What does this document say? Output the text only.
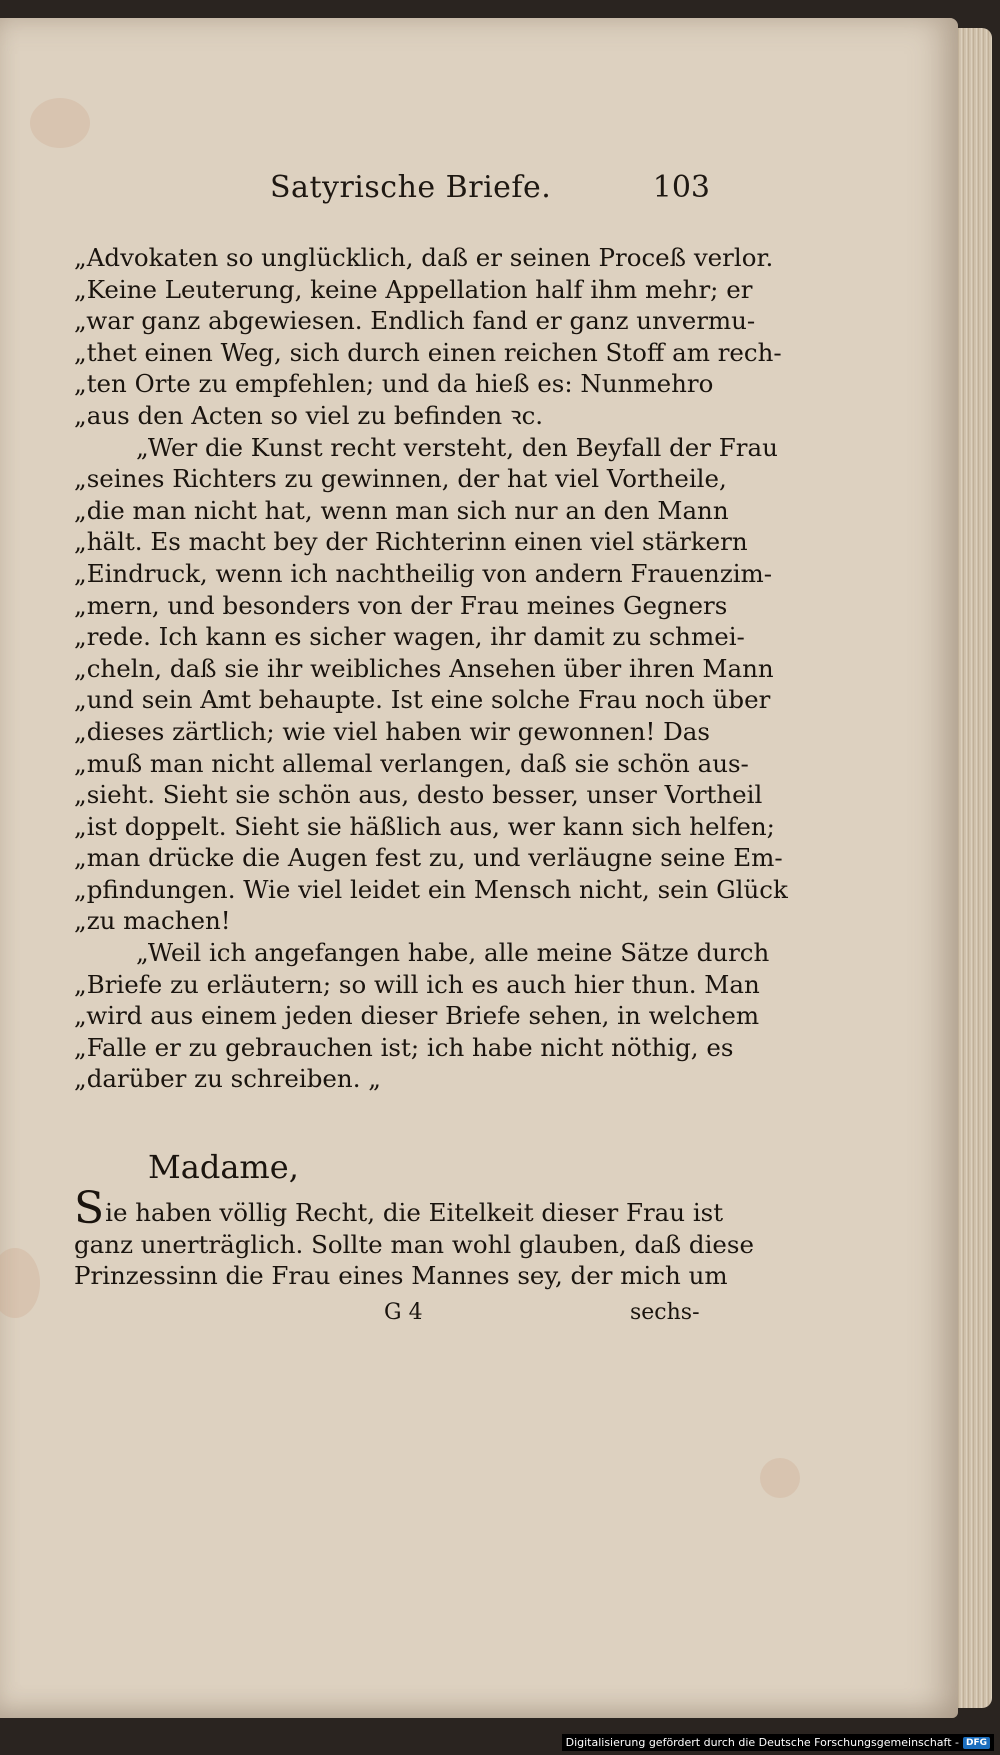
Satyrische Briefe.	103
„Advokaten so unglücklich, daß er seinen Proceß verlor.
„Keine Leuterung, keine Appellation half ihm mehr; er
„war ganz abgewiesen. Endlich fand er ganz unvermu-
„thet einen Weg, sich durch einen reichen Stoff am rech-
„ten Orte zu empfehlen; und da hieß es: Nunmehro
„aus den Acten so viel zu befinden ꝛc.
„Wer die Kunst recht versteht, den Beyfall der Frau
„seines Richters zu gewinnen, der hat viel Vortheile,
„die man nicht hat, wenn man sich nur an den Mann
„hält. Es macht bey der Richterinn einen viel stärkern
„Eindruck, wenn ich nachtheilig von andern Frauenzim-
„mern, und besonders von der Frau meines Gegners
„rede. Ich kann es sicher wagen, ihr damit zu schmei-
„cheln, daß sie ihr weibliches Ansehen über ihren Mann
„und sein Amt behaupte. Ist eine solche Frau noch über
„dieses zärtlich; wie viel haben wir gewonnen! Das
„muß man nicht allemal verlangen, daß sie schön aus-
„sieht. Sieht sie schön aus, desto besser, unser Vortheil
„ist doppelt. Sieht sie häßlich aus, wer kann sich helfen;
„man drücke die Augen fest zu, und verläugne seine Em-
„pfindungen. Wie viel leidet ein Mensch nicht, sein Glück
„zu machen!
„Weil ich angefangen habe, alle meine Sätze durch
„Briefe zu erläutern; so will ich es auch hier thun. Man
„wird aus einem jeden dieser Briefe sehen, in welchem
„Falle er zu gebrauchen ist; ich habe nicht nöthig, es
„darüber zu schreiben. „
Madame,
Sie haben völlig Recht, die Eitelkeit dieser Frau ist
ganz unerträglich. Sollte man wohl glauben, daß diese
Prinzessinn die Frau eines Mannes sey, der mich um
G 4	sechs-
Digitalisierung gefördert durch die Deutsche Forschungsgemeinschaft - DFG
